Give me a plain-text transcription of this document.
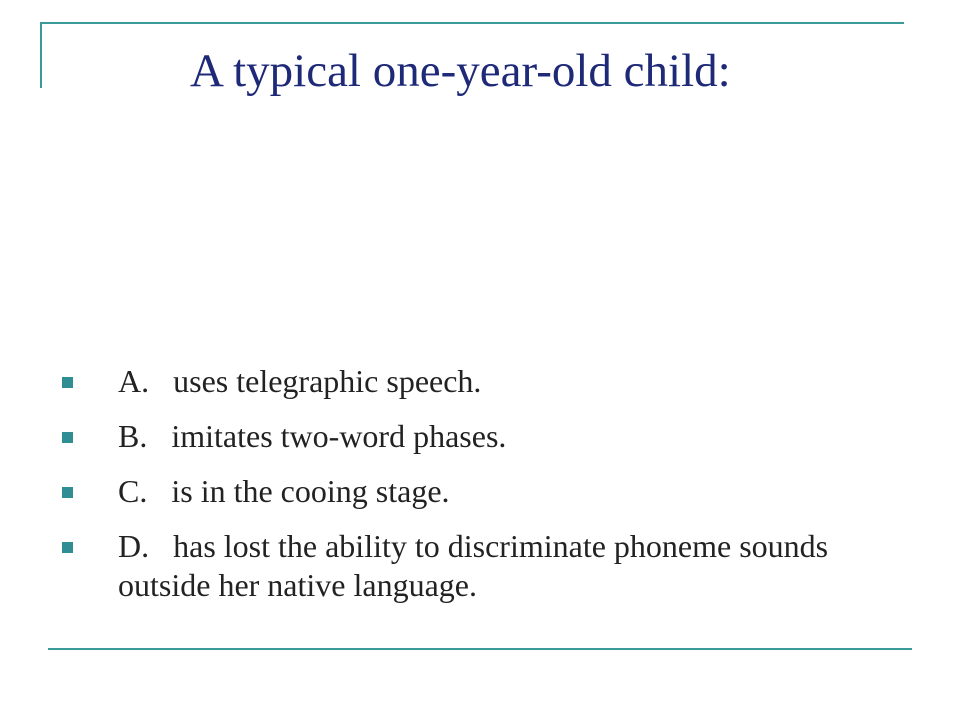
A typical one-year-old child:
A.   uses telegraphic speech.
B.   imitates two-word phases.
C.   is in the cooing stage.
D.   has lost the ability to discriminate phoneme sounds outside her native language.
